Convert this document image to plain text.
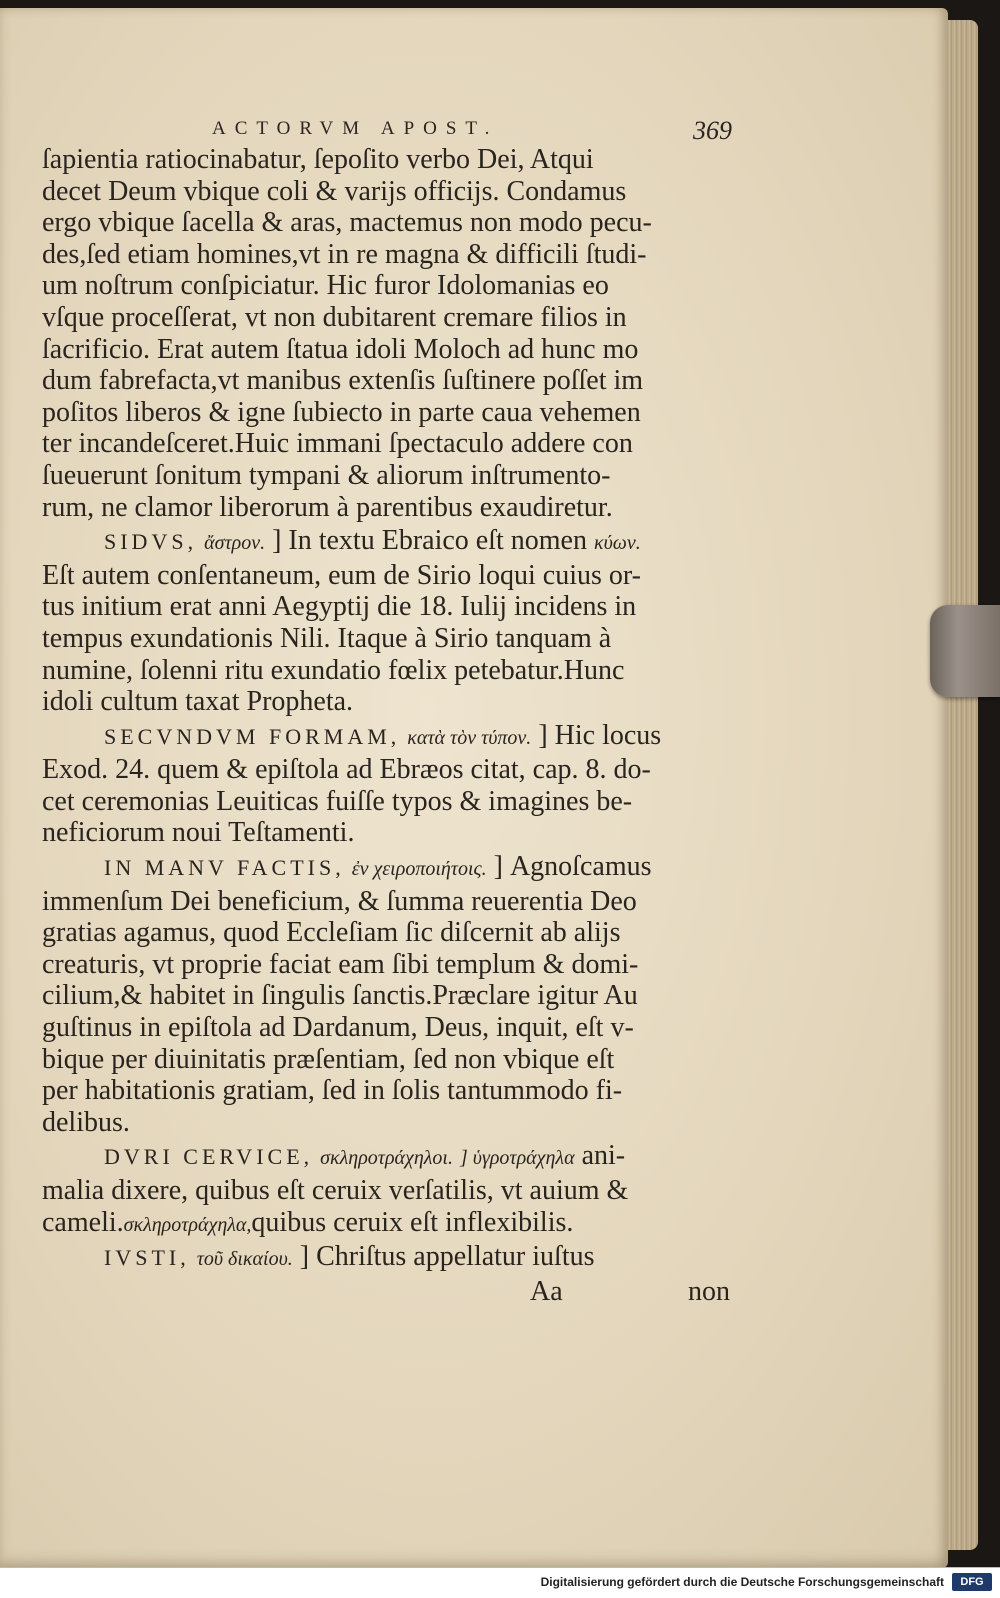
ACTORVM APOST.	369
ſapientia ratiocinabatur, ſepoſito verbo Dei, Atqui
decet Deum vbique coli & varijs officijs. Condamus
ergo vbique ſacella & aras, mactemus non modo pecu-
des,ſed etiam homines,vt in re magna & difficili ſtudi-
um noſtrum conſpiciatur. Hic furor Idolomanias eo
vſque proceſſerat, vt non dubitarent cremare filios in
ſacrificio. Erat autem ſtatua idoli Moloch ad hunc mo
dum fabrefacta,vt manibus extenſis ſuſtinere poſſet im
poſitos liberos & igne ſubiecto in parte caua vehemen
ter incandeſceret.Huic immani ſpectaculo addere con
ſueuerunt ſonitum tympani & aliorum inſtrumento-
rum, ne clamor liberorum à parentibus exaudiretur.
SIDVS, ἄστρον. ] In textu Ebraico eſt nomen κύων.
Eſt autem conſentaneum, eum de Sirio loqui cuius or-
tus initium erat anni Aegyptij die 18. Iulij incidens in
tempus exundationis Nili. Itaque à Sirio tanquam à
numine, ſolenni ritu exundatio fœlix petebatur.Hunc
idoli cultum taxat Propheta.
SECVNDVM FORMAM, κατὰ τὸν τύπον. ] Hic locus
Exod. 24. quem & epiſtola ad Ebræos citat, cap. 8. do-
cet ceremonias Leuiticas fuiſſe typos & imagines be-
neficiorum noui Teſtamenti.
IN MANV FACTIS, ἐν χειροποιήτοις. ] Agnoſcamus
immenſum Dei beneficium, & ſumma reuerentia Deo
gratias agamus, quod Eccleſiam ſic diſcernit ab alijs
creaturis, vt proprie faciat eam ſibi templum & domi-
cilium,& habitet in ſingulis ſanctis.Præclare igitur Au
guſtinus in epiſtola ad Dardanum, Deus, inquit, eſt v-
bique per diuinitatis præſentiam, ſed non vbique eſt
per habitationis gratiam, ſed in ſolis tantummodo fi-
delibus.
DVRI CERVICE, σκληροτράχηλοι. ] ὑγροτράχηλα ani-
malia dixere, quibus eſt ceruix verſatilis, vt auium &
cameli.σκληροτράχηλα,quibus ceruix eſt inflexibilis.
IVSTI, τοῦ δικαίου. ] Chriſtus appellatur iuſtus
Aa	non
Digitalisierung gefördert durch die Deutsche Forschungsgemeinschaft	DFG
